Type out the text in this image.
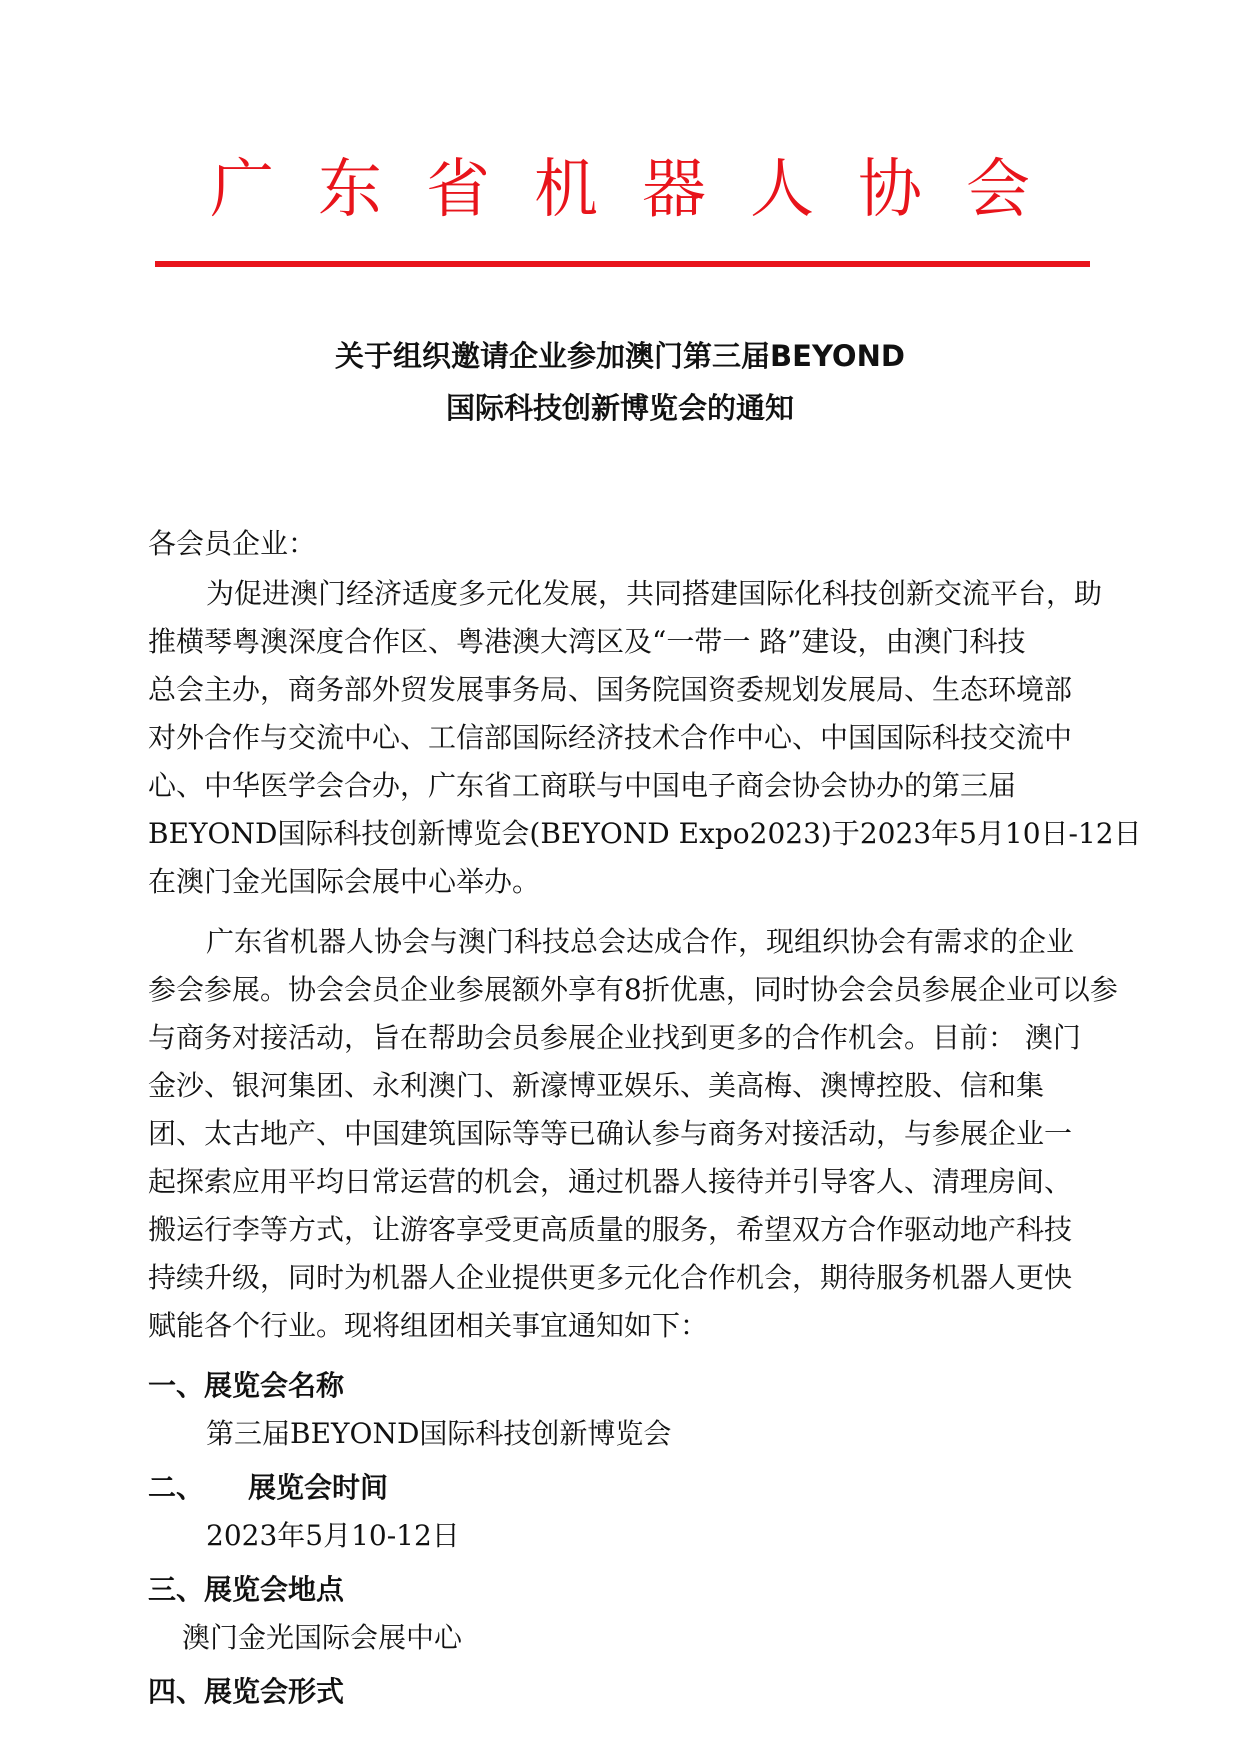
广东省机器人协会
关于组织邀请企业参加澳门第三届BEYOND
国际科技创新博览会的通知
各会员企业：
为促进澳门经济适度多元化发展，共同搭建国际化科技创新交流平台，助
推横琴粤澳深度合作区、粤港澳大湾区及“一带一 路”建设，由澳门科技
总会主办，商务部外贸发展事务局、国务院国资委规划发展局、生态环境部
对外合作与交流中心、工信部国际经济技术合作中心、中国国际科技交流中
心、中华医学会合办，广东省工商联与中国电子商会协会协办的第三届
BEYOND国际科技创新博览会(BEYOND Expo2023)于2023年5月10日-12日
在澳门金光国际会展中心举办。
广东省机器人协会与澳门科技总会达成合作，现组织协会有需求的企业
参会参展。协会会员企业参展额外享有8折优惠，同时协会会员参展企业可以参
与商务对接活动，旨在帮助会员参展企业找到更多的合作机会。目前： 澳门
金沙、银河集团、永利澳门、新濠博亚娱乐、美高梅、澳博控股、信和集
团、太古地产、中国建筑国际等等已确认参与商务对接活动，与参展企业一
起探索应用平均日常运营的机会，通过机器人接待并引导客人、清理房间、
搬运行李等方式，让游客享受更高质量的服务，希望双方合作驱动地产科技
持续升级，同时为机器人企业提供更多元化合作机会，期待服务机器人更快
赋能各个行业。现将组团相关事宜通知如下：
一、展览会名称
第三届BEYOND国际科技创新博览会
二、 展览会时间
2023年5月10-12日
三、展览会地点
澳门金光国际会展中心
四、展览会形式
